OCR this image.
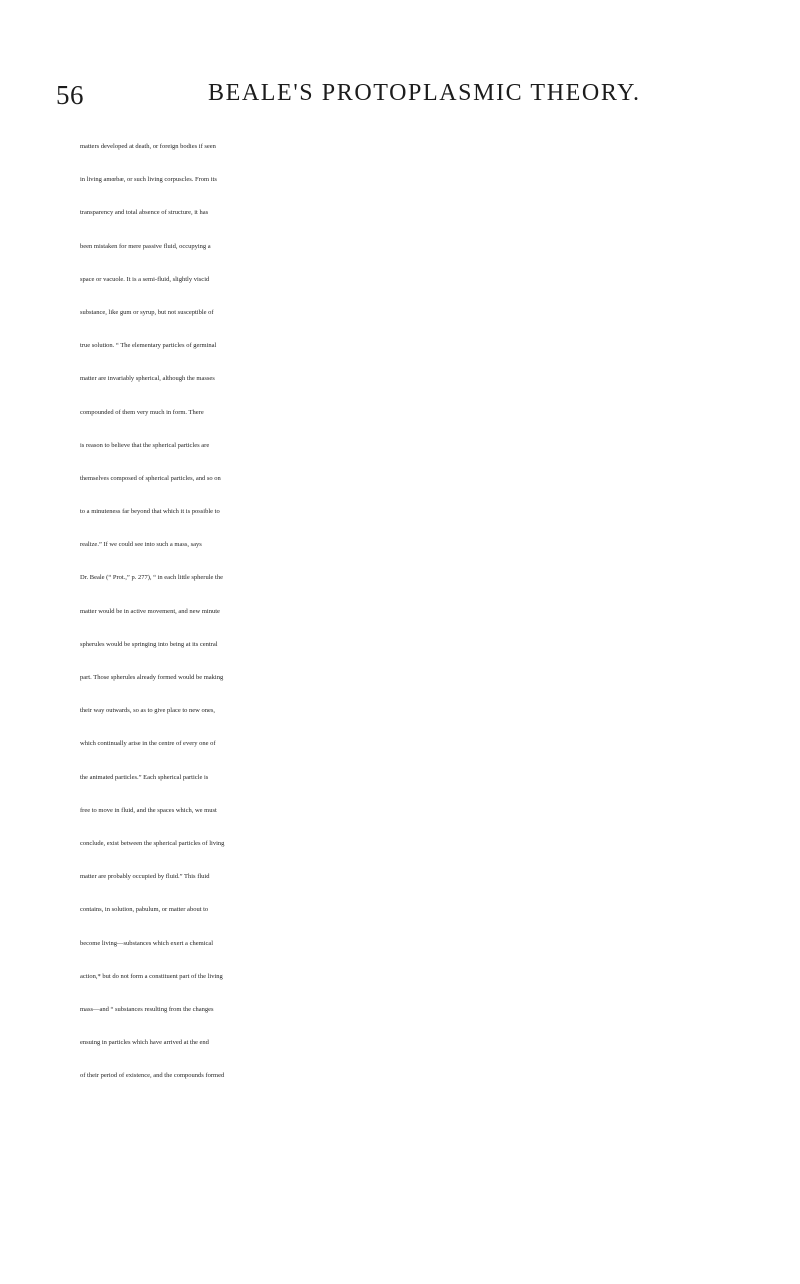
56	BEALE'S PROTOPLASMIC THEORY.
matters developed at death, or foreign bodies if seen
in living amœbæ, or such living corpuscles. From its
transparency and total absence of structure, it has
been mistaken for mere passive fluid, occupying a
space or vacuole. It is a semi-fluid, slightly viscid
substance, like gum or syrup, but not susceptible of
true solution. “ The elementary particles of germinal
matter are invariably spherical, although the masses
compounded of them very much in form. There
is reason to believe that the spherical particles are
themselves composed of spherical particles, and so on
to a minuteness far beyond that which it is possible to
realize.” If we could see into such a mass, says
Dr. Beale (“ Prot.,” p. 277), “ in each little spherule the
matter would be in active movement, and new minute
spherules would be springing into being at its central
part. Those spherules already formed would be making
their way outwards, so as to give place to new ones,
which continually arise in the centre of every one of
the animated particles.” Each spherical particle is
free to move in fluid, and the spaces which, we must
conclude, exist between the spherical particles of living
matter are probably occupied by fluid.” This fluid
contains, in solution, pabulum, or matter about to
become living—substances which exert a chemical
action,* but do not form a constituent part of the living
mass—and “ substances resulting from the changes
ensuing in particles which have arrived at the end
of their period of existence, and the compounds formed
